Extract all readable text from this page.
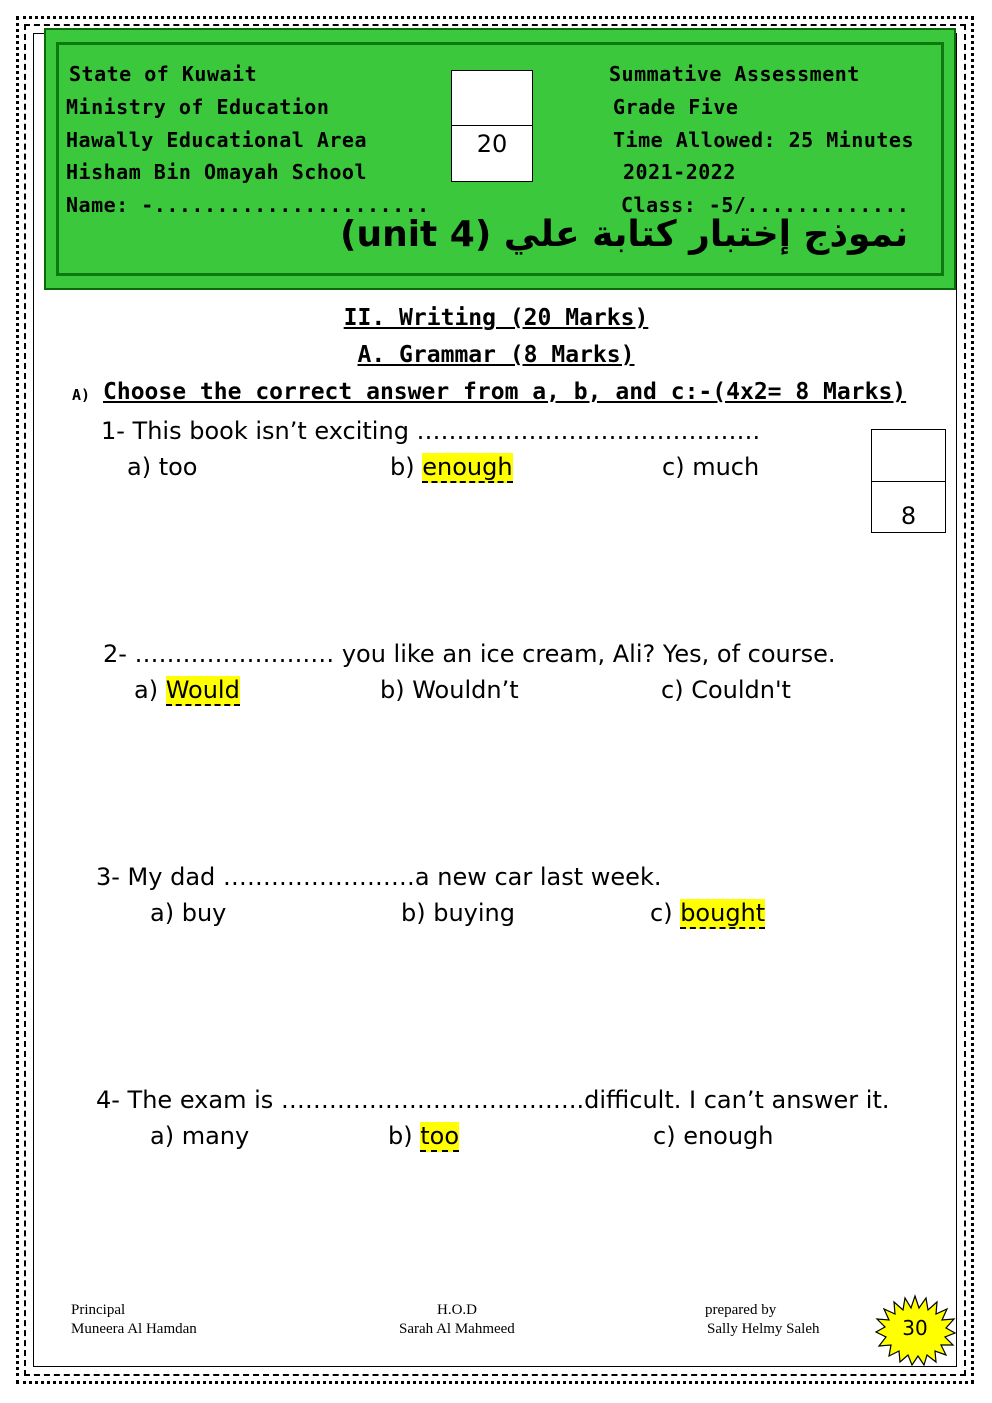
State of Kuwait
Ministry of Education
Hawally Educational Area
Hisham Bin Omayah School
Name: -......................
Summative Assessment
Grade Five
Time Allowed: 25 Minutes
2021-2022
Class: -5/.............
20
نموذج إختبار كتابة علي (unit 4)
II. Writing (20 Marks)
A. Grammar (8 Marks)
A) Choose the correct answer from a, b, and c:-(4x2= 8 Marks)
8
1- This book isn’t exciting …………………………………….
a) too	b) enough	c) much
2- ………………….… you like an ice cream, Ali? Yes, of course.
a) Would	b) Wouldn’t	c) Couldn't
3- My dad ……………………a new car last week.
a) buy	b) buying	c) bought
4- The exam is ………………………………..difficult. I can’t answer it.
a) many	b) too	c) enough
Principal
Muneera Al Hamdan
H.O.D
Sarah Al Mahmeed
prepared by
Sally Helmy Saleh	30
